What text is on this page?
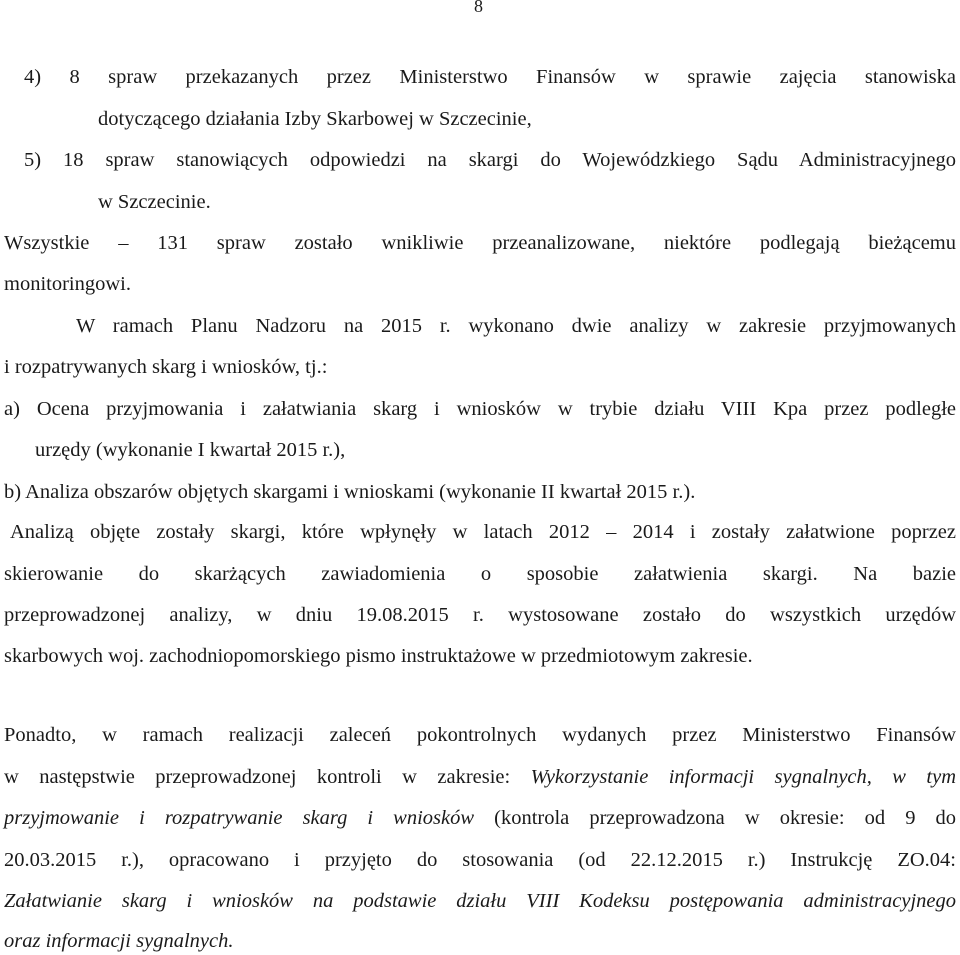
8
4) 8 spraw przekazanych przez Ministerstwo Finansów w sprawie zajęcia stanowiska
dotyczącego działania Izby Skarbowej w Szczecinie,
5) 18 spraw stanowiących odpowiedzi na skargi do Wojewódzkiego Sądu Administracyjnego
w Szczecinie.
Wszystkie – 131 spraw zostało wnikliwie przeanalizowane, niektóre podlegają bieżącemu
monitoringowi.
W ramach Planu Nadzoru na 2015 r. wykonano dwie analizy w zakresie przyjmowanych
i rozpatrywanych skarg i wniosków, tj.:
a) Ocena przyjmowania i załatwiania skarg i wniosków w trybie działu VIII Kpa przez podległe
urzędy (wykonanie I kwartał 2015 r.),
b) Analiza obszarów objętych skargami i wnioskami (wykonanie II kwartał 2015 r.).
Analizą objęte zostały skargi, które wpłynęły w latach 2012 – 2014 i zostały załatwione poprzez
skierowanie do skarżących zawiadomienia o sposobie załatwienia skargi. Na bazie
przeprowadzonej analizy, w dniu 19.08.2015 r. wystosowane zostało do wszystkich urzędów
skarbowych woj. zachodniopomorskiego pismo instruktażowe w przedmiotowym zakresie.
Ponadto, w ramach realizacji zaleceń pokontrolnych wydanych przez Ministerstwo Finansów
w następstwie przeprowadzonej kontroli w zakresie: Wykorzystanie informacji sygnalnych, w tym
przyjmowanie i rozpatrywanie skarg i wniosków (kontrola przeprowadzona w okresie: od 9 do
20.03.2015 r.), opracowano i przyjęto do stosowania (od 22.12.2015 r.) Instrukcję ZO.04:
Załatwianie skarg i wniosków na podstawie działu VIII Kodeksu postępowania administracyjnego
oraz informacji sygnalnych.
